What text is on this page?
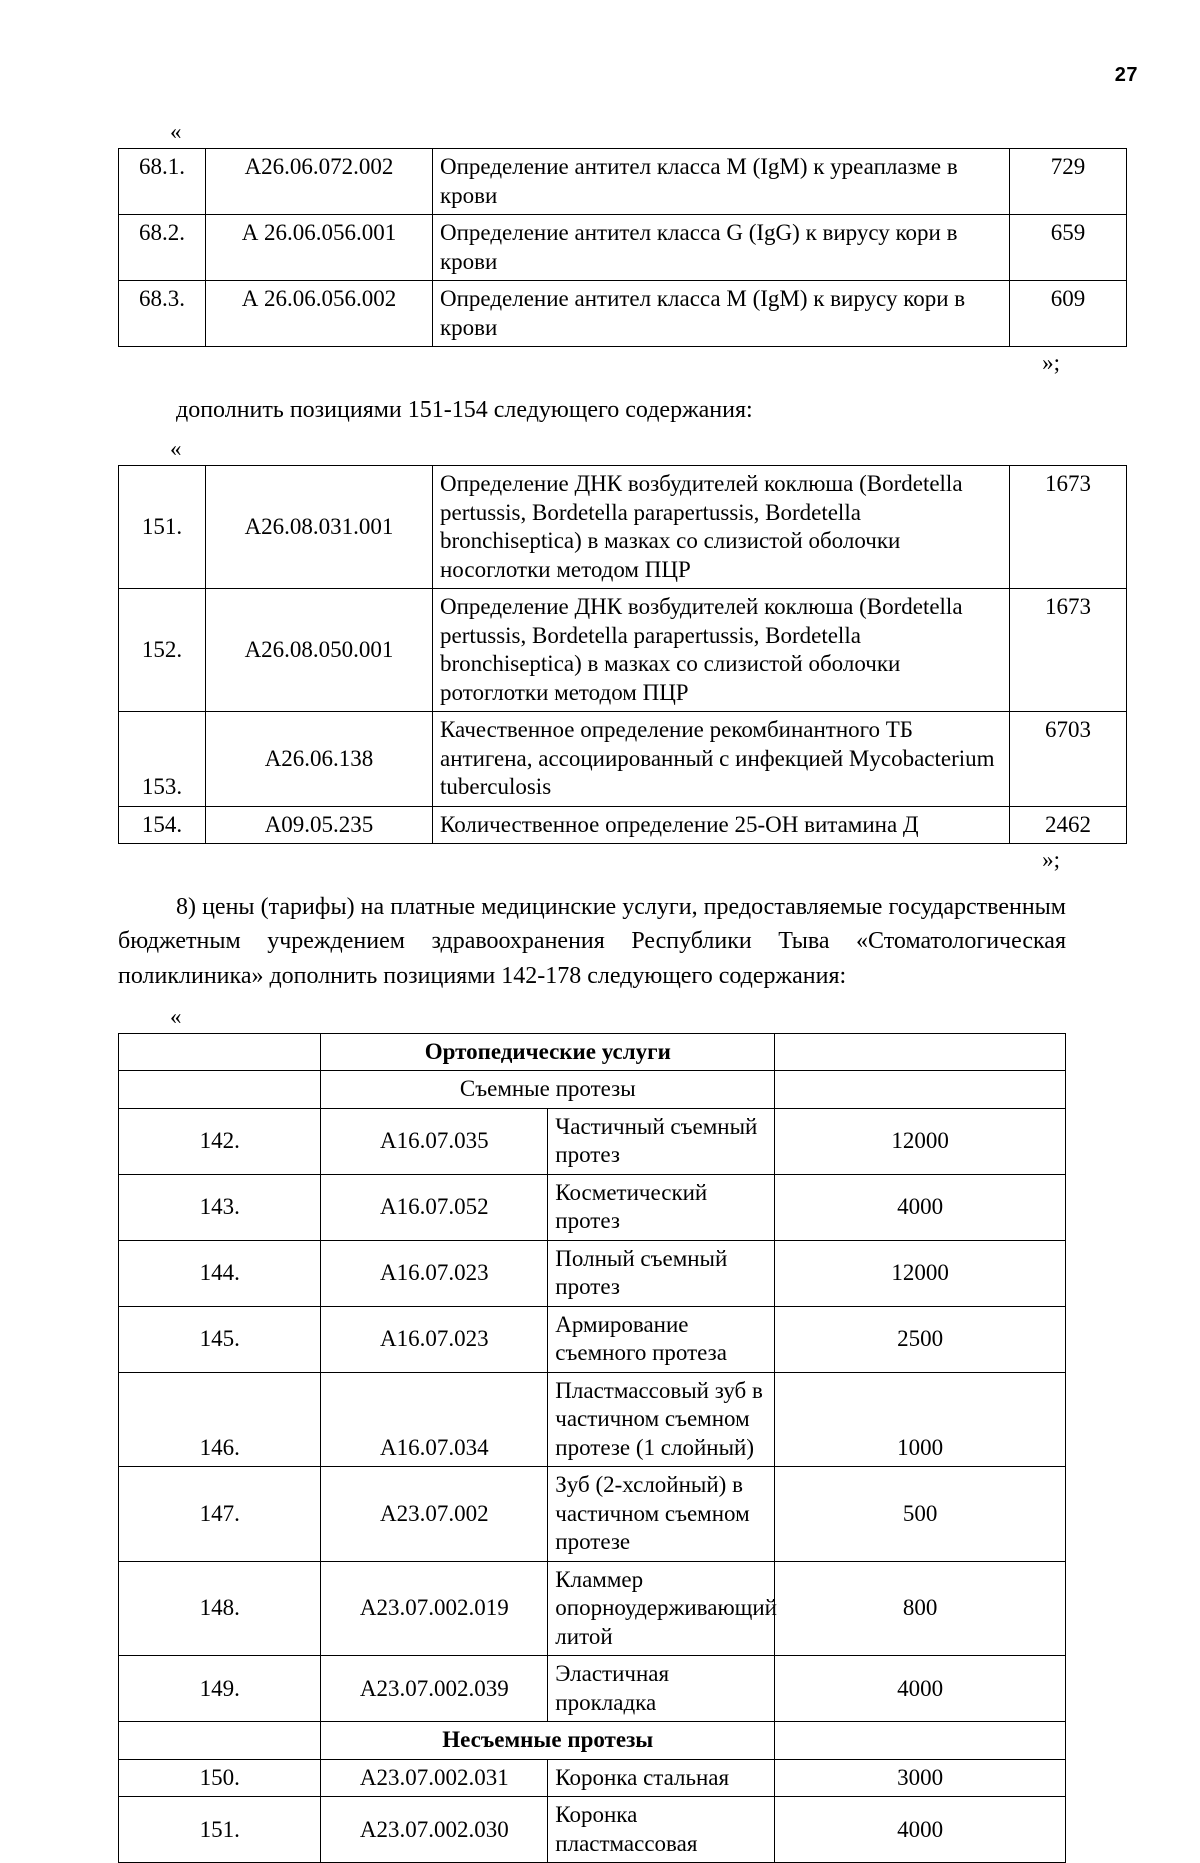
27
«
68.1.	А26.06.072.002	Определение антител класса М (IgM) к уреаплазме в крови	729
68.2.	А 26.06.056.001	Определение антител класса G (IgG) к вирусу кори в крови	659
68.3.	А 26.06.056.002	Определение антител класса М (IgM) к вирусу кори в крови	609
»;

дополнить позициями 151-154 следующего содержания:

«
151.	А26.08.031.001	Определение ДНК возбудителей коклюша (Bordetella pertussis, Bordetella parapertussis, Bordetella bronchiseptica) в мазках со слизистой оболочки носоглотки методом ПЦР	1673
152.	А26.08.050.001	Определение ДНК возбудителей коклюша (Bordetella pertussis, Bordetella parapertussis, Bordetella bronchiseptica) в мазках со слизистой оболочки ротоглотки методом ПЦР	1673
153.	А26.06.138	Качественное определение рекомбинантного ТБ антигена, ассоциированный с инфекцией Mycobacterium tuberculosis	6703
154.	А09.05.235	Количественное определение 25-ОН витамина Д	2462
»;

8) цены (тарифы) на платные медицинские услуги, предоставляемые государственным бюджетным учреждением здравоохранения Республики Тыва «Стоматологическая поликлиника» дополнить позициями 142-178 следующего содержания:

«
	Ортопедические услуги		
	Съемные протезы		
142.	А16.07.035	Частичный съемный протез	12000
143.	А16.07.052	Косметический протез	4000
144.	А16.07.023	Полный съемный протез	12000
145.	А16.07.023	Армирование съемного протеза	2500
146.	А16.07.034	Пластмассовый зуб в частичном съемном протезе (1 слойный)	1000
147.	А23.07.002	Зуб (2-хслойный) в частичном съемном протезе	500
148.	А23.07.002.019	Кламмер опорноудерживающий литой	800
149.	А23.07.002.039	Эластичная прокладка	4000
	Несъемные протезы		
150.	А23.07.002.031	Коронка стальная	3000
151.	А23.07.002.030	Коронка пластмассовая	4000
